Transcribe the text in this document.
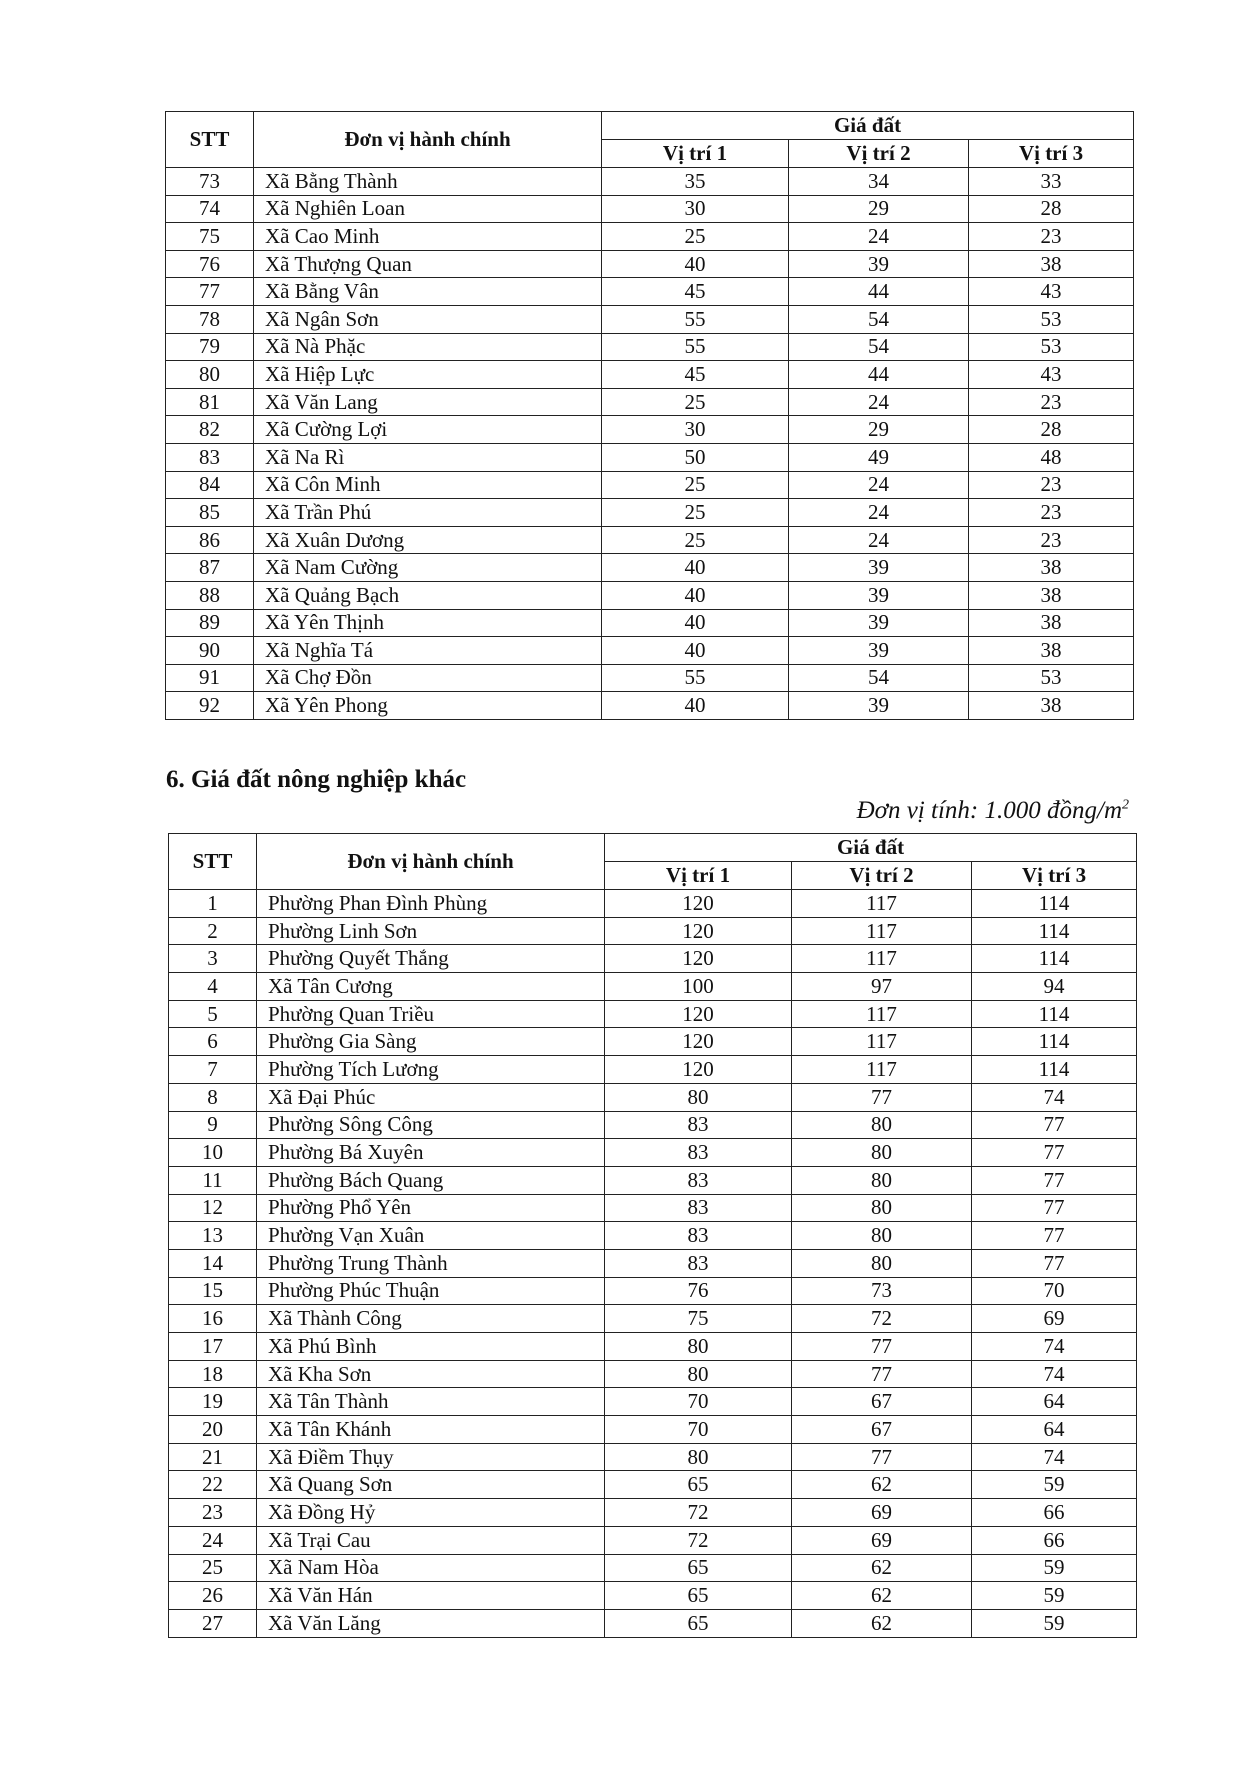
STT	Đơn vị hành chính	Giá đất		
		Vị trí 1	Vị trí 2	Vị trí 3
73	Xã Bằng Thành	35	34	33
74	Xã Nghiên Loan	30	29	28
75	Xã Cao Minh	25	24	23
76	Xã Thượng Quan	40	39	38
77	Xã Bằng Vân	45	44	43
78	Xã Ngân Sơn	55	54	53
79	Xã Nà Phặc	55	54	53
80	Xã Hiệp Lực	45	44	43
81	Xã Văn Lang	25	24	23
82	Xã Cường Lợi	30	29	28
83	Xã Na Rì	50	49	48
84	Xã Côn Minh	25	24	23
85	Xã Trần Phú	25	24	23
86	Xã Xuân Dương	25	24	23
87	Xã Nam Cường	40	39	38
88	Xã Quảng Bạch	40	39	38
89	Xã Yên Thịnh	40	39	38
90	Xã Nghĩa Tá	40	39	38
91	Xã Chợ Đồn	55	54	53
92	Xã Yên Phong	40	39	38
6. Giá đất nông nghiệp khác

Đơn vị tính: 1.000 đồng/$m^2$

STT	Đơn vị hành chính	Giá đất		
		Vị trí 1	Vị trí 2	Vị trí 3
1	Phường Phan Đình Phùng	120	117	114
2	Phường Linh Sơn	120	117	114
3	Phường Quyết Thắng	120	117	114
4	Xã Tân Cương	100	97	94
5	Phường Quan Triều	120	117	114
6	Phường Gia Sàng	120	117	114
7	Phường Tích Lương	120	117	114
8	Xã Đại Phúc	80	77	74
9	Phường Sông Công	83	80	77
10	Phường Bá Xuyên	83	80	77
11	Phường Bách Quang	83	80	77
12	Phường Phổ Yên	83	80	77
13	Phường Vạn Xuân	83	80	77
14	Phường Trung Thành	83	80	77
15	Phường Phúc Thuận	76	73	70
16	Xã Thành Công	75	72	69
17	Xã Phú Bình	80	77	74
18	Xã Kha Sơn	80	77	74
19	Xã Tân Thành	70	67	64
20	Xã Tân Khánh	70	67	64
21	Xã Điềm Thụy	80	77	74
22	Xã Quang Sơn	65	62	59
23	Xã Đồng Hỷ	72	69	66
24	Xã Trại Cau	72	69	66
25	Xã Nam Hòa	65	62	59
26	Xã Văn Hán	65	62	59
27	Xã Văn Lăng	65	62	59
